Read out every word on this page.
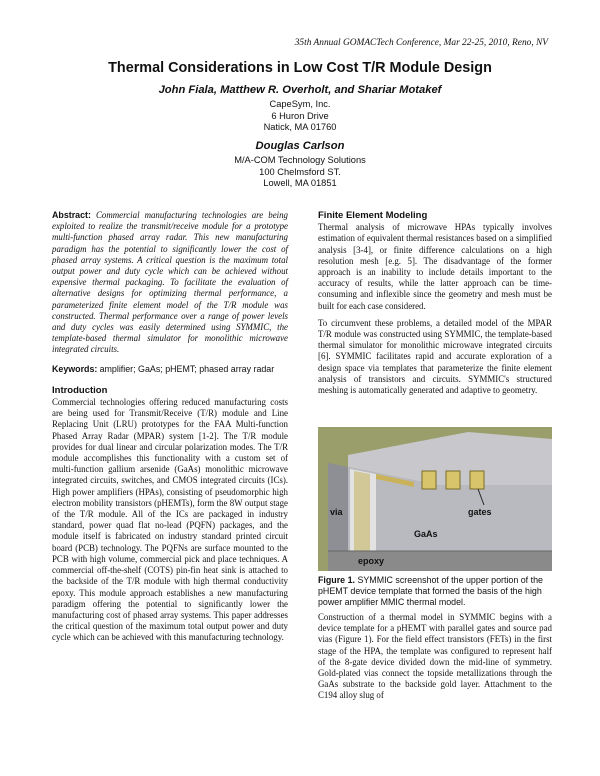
35th Annual GOMACTech Conference, Mar 22-25, 2010, Reno, NV
Thermal Considerations in Low Cost T/R Module Design
John Fiala, Matthew R. Overholt, and Shariar Motakef
CapeSym, Inc.
6 Huron Drive
Natick, MA 01760
Douglas Carlson
M/A-COM Technology Solutions
100 Chelmsford ST.
Lowell, MA 01851

Abstract: Commercial manufacturing technologies are being exploited to realize the transmit/receive module for a prototype multi-function phased array radar. This new manufacturing paradigm has the potential to significantly lower the cost of phased array systems. A critical question is the maximum total output power and duty cycle which can be achieved without expensive thermal packaging. To facilitate the evaluation of alternative designs for optimizing thermal performance, a parameterized finite element model of the T/R module was constructed. Thermal performance over a range of power levels and duty cycles was easily determined using SYMMIC, the template-based thermal simulator for monolithic microwave integrated circuits.

Keywords: amplifier; GaAs; pHEMT; phased array radar

Introduction

Commercial technologies offering reduced manufacturing costs are being used for Transmit/Receive (T/R) module and Line Replacing Unit (LRU) prototypes for the FAA Multi-function Phased Array Radar (MPAR) system [1-2]. The T/R module provides for dual linear and circular polarization modes. The T/R module accomplishes this functionality with a custom set of multi-function gallium arsenide (GaAs) monolithic microwave integrated circuits, switches, and CMOS integrated circuits (ICs). High power amplifiers (HPAs), consisting of pseudomorphic high electron mobility transistors (pHEMTs), form the 8W output stage of the T/R module. All of the ICs are packaged in industry standard, power quad flat no-lead (PQFN) packages, and the module itself is fabricated on industry standard printed circuit board (PCB) technology. The PQFNs are surface mounted to the PCB with high volume, commercial pick and place techniques. A commercial off-the-shelf (COTS) pin-fin heat sink is attached to the backside of the T/R module with high thermal conductivity epoxy. This module approach establishes a new manufacturing paradigm offering the potential to significantly lower the manufacturing cost of phased array systems. This paper addresses the critical question of the maximum total output power and duty cycle which can be achieved with this manufacturing technology.

Finite Element Modeling

Thermal analysis of microwave HPAs typically involves estimation of equivalent thermal resistances based on a simplified analysis [3-4], or finite difference calculations on a high resolution mesh [e.g. 5]. The disadvantage of the former approach is an inability to include details important to the accuracy of results, while the latter approach can be time-consuming and inflexible since the geometry and mesh must be built for each case considered.

To circumvent these problems, a detailed model of the MPAR T/R module was constructed using SYMMIC, the template-based thermal simulator for monolithic microwave integrated circuits [6]. SYMMIC facilitates rapid and accurate exploration of a design space via templates that parameterize the finite element analysis of transistors and circuits. SYMMIC's structured meshing is automatically generated and adaptive to geometry.

gates
via
GaAs
epoxy
Figure 1. SYMMIC screenshot of the upper portion of the pHEMT device template that formed the basis of the high power amplifier MMIC thermal model.
Construction of a thermal model in SYMMIC begins with a device template for a pHEMT with parallel gates and source pad vias (Figure 1). For the field effect transistors (FETs) in the first stage of the HPA, the template was configured to represent half of the 8-gate device divided down the mid-line of symmetry. Gold-plated vias connect the topside metallizations through the GaAs substrate to the backside gold layer. Attachment to the C194 alloy slug of
